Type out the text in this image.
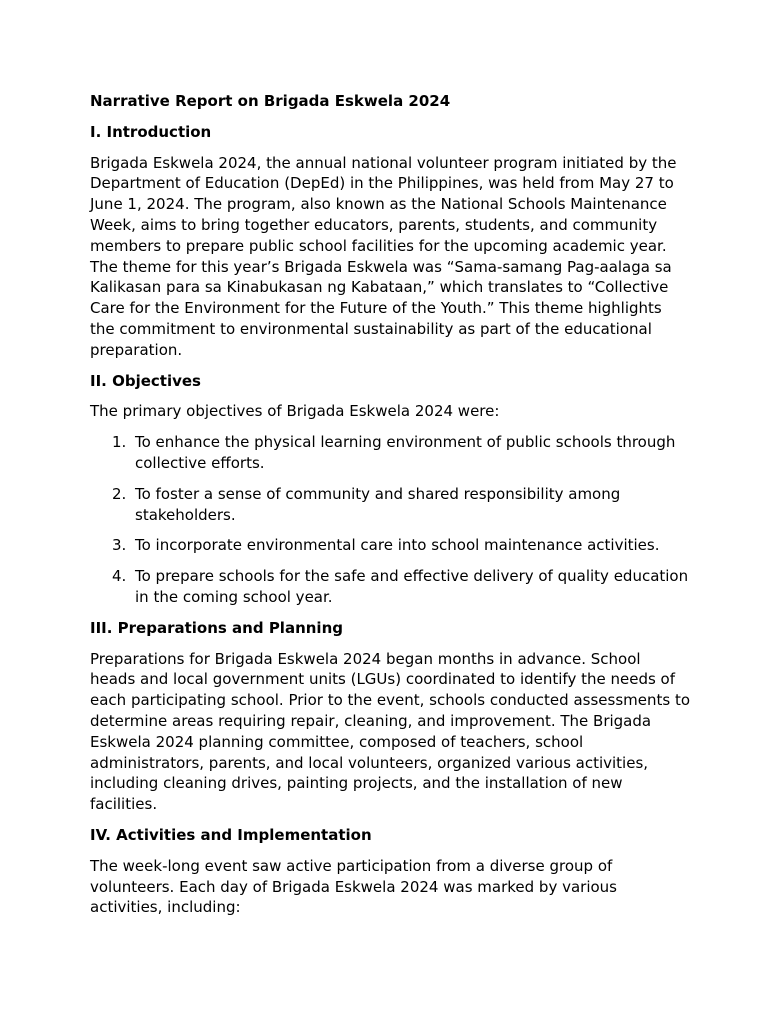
Narrative Report on Brigada Eskwela 2024
I. Introduction
Brigada Eskwela 2024, the annual national volunteer program initiated by the Department of Education (DepEd) in the Philippines, was held from May 27 to June 1, 2024. The program, also known as the National Schools Maintenance Week, aims to bring together educators, parents, students, and community members to prepare public school facilities for the upcoming academic year. The theme for this year’s Brigada Eskwela was “Sama-samang Pag-aalaga sa Kalikasan para sa Kinabukasan ng Kabataan,” which translates to “Collective Care for the Environment for the Future of the Youth.” This theme highlights the commitment to environmental sustainability as part of the educational preparation.
II. Objectives
The primary objectives of Brigada Eskwela 2024 were:
1. To enhance the physical learning environment of public schools through collective efforts.
2. To foster a sense of community and shared responsibility among stakeholders.
3. To incorporate environmental care into school maintenance activities.
4. To prepare schools for the safe and effective delivery of quality education in the coming school year.
III. Preparations and Planning
Preparations for Brigada Eskwela 2024 began months in advance. School heads and local government units (LGUs) coordinated to identify the needs of each participating school. Prior to the event, schools conducted assessments to determine areas requiring repair, cleaning, and improvement. The Brigada Eskwela 2024 planning committee, composed of teachers, school administrators, parents, and local volunteers, organized various activities, including cleaning drives, painting projects, and the installation of new facilities.
IV. Activities and Implementation
The week-long event saw active participation from a diverse group of volunteers. Each day of Brigada Eskwela 2024 was marked by various activities, including:
